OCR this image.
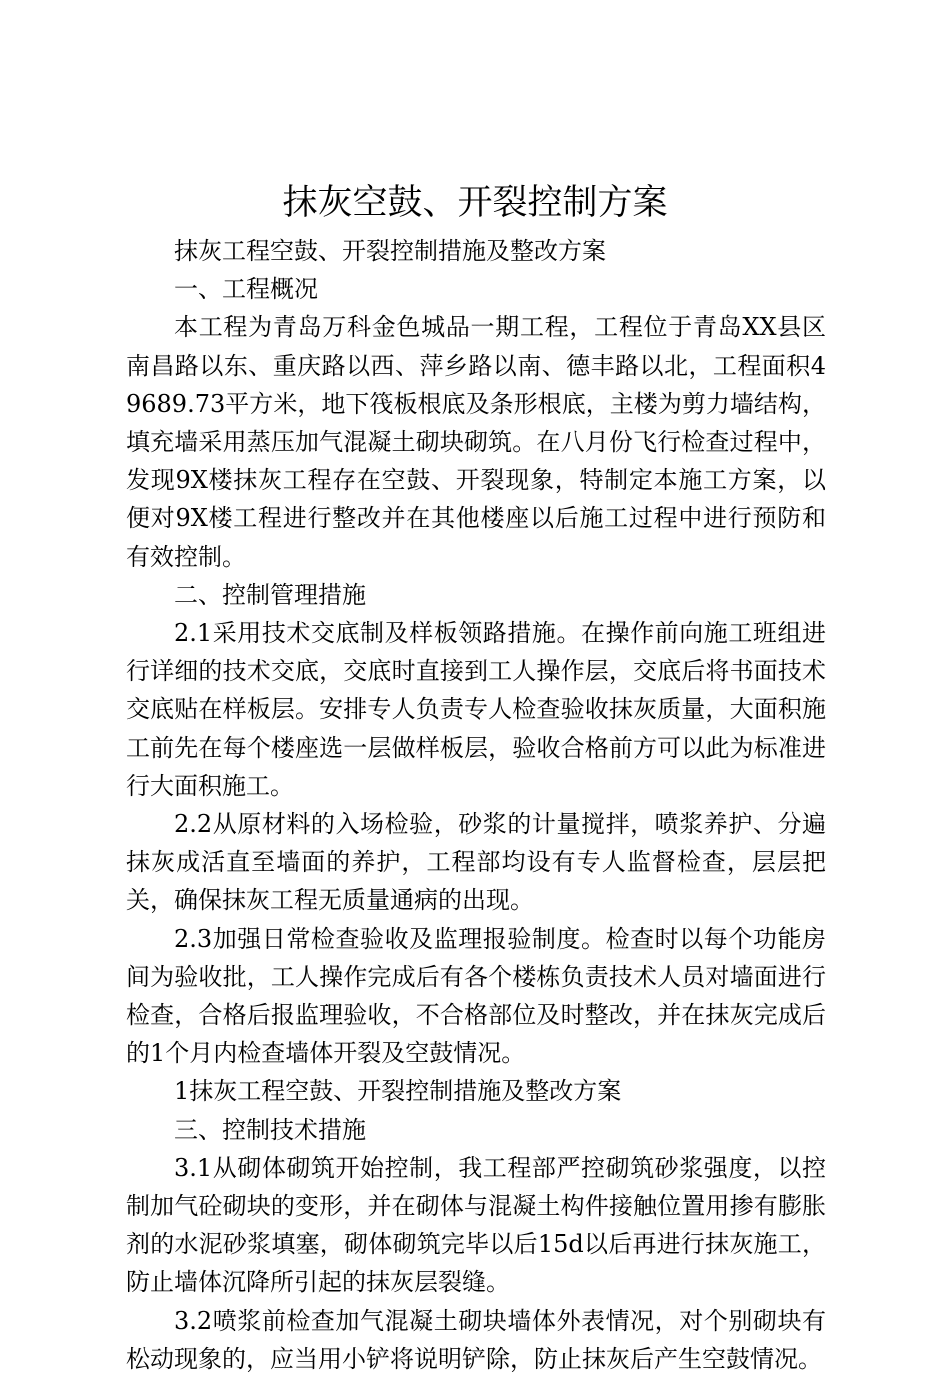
抹灰空鼓、开裂控制方案

抹灰工程空鼓、开裂控制措施及整改方案

一、工程概况

本工程为青岛万科金色城品一期工程，工程位于青岛XX县区南昌路以东、重庆路以西、萍乡路以南、德丰路以北，工程面积49689.73平方米，地下筏板根底及条形根底，主楼为剪力墙结构，填充墙采用蒸压加气混凝土砌块砌筑。在八月份飞行检查过程中，发现9X楼抹灰工程存在空鼓、开裂现象，特制定本施工方案，以便对9X楼工程进行整改并在其他楼座以后施工过程中进行预防和有效控制。

二、控制管理措施

2.1采用技术交底制及样板领路措施。在操作前向施工班组进行详细的技术交底，交底时直接到工人操作层，交底后将书面技术交底贴在样板层。安排专人负责专人检查验收抹灰质量，大面积施工前先在每个楼座选一层做样板层，验收合格前方可以此为标准进行大面积施工。

2.2从原材料的入场检验，砂浆的计量搅拌，喷浆养护、分遍抹灰成活直至墙面的养护，工程部均设有专人监督检查，层层把关，确保抹灰工程无质量通病的出现。

2.3加强日常检查验收及监理报验制度。检查时以每个功能房间为验收批，工人操作完成后有各个楼栋负责技术人员对墙面进行检查，合格后报监理验收，不合格部位及时整改，并在抹灰完成后的1个月内检查墙体开裂及空鼓情况。

1抹灰工程空鼓、开裂控制措施及整改方案

三、控制技术措施

3.1从砌体砌筑开始控制，我工程部严控砌筑砂浆强度，以控制加气砼砌块的变形，并在砌体与混凝土构件接触位置用掺有膨胀剂的水泥砂浆填塞，砌体砌筑完毕以后15d以后再进行抹灰施工，防止墙体沉降所引起的抹灰层裂缝。

3.2喷浆前检查加气混凝土砌块墙体外表情况，对个别砌块有松动现象的，应当用小铲将说明铲除，防止抹灰后产生空鼓情况。
